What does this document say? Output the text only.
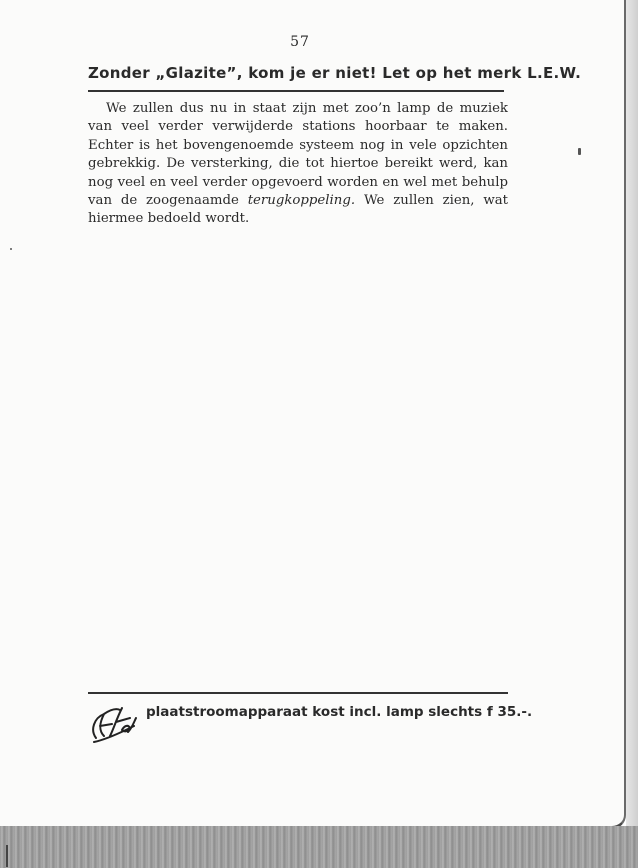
57
Zonder „Glazite”, kom je er niet! Let op het merk L.E.W.

We zullen dus nu in staat zijn met zoo’n lamp de muziek van veel verder verwijderde stations hoorbaar te maken. Echter is het bovengenoemde systeem nog in vele opzichten gebrekkig. De versterking, die tot hiertoe bereikt werd, kan nog veel en veel verder opgevoerd worden en wel met behulp van de zoogenaamde terugkoppeling. We zullen zien, wat hiermee bedoeld wordt.

plaatstroomapparaat kost incl. lamp slechts f 35.-.
